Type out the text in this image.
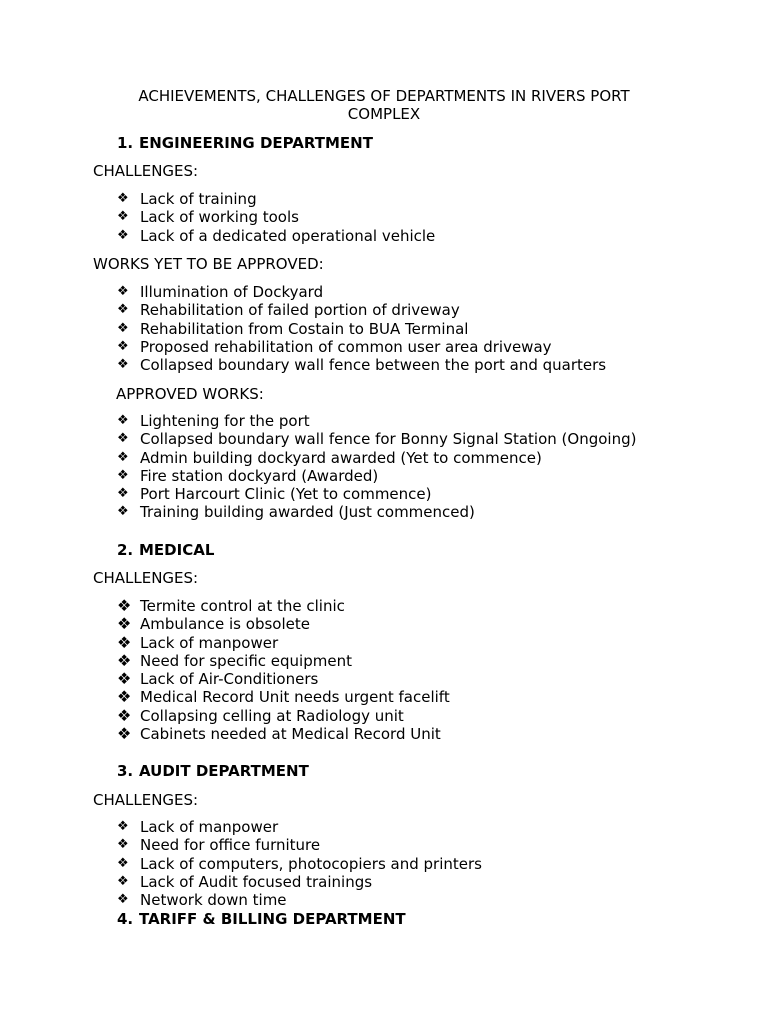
ACHIEVEMENTS, CHALLENGES OF DEPARTMENTS IN RIVERS PORT COMPLEX
1. ENGINEERING DEPARTMENT
CHALLENGES:
❖ Lack of training
❖ Lack of working tools
❖ Lack of a dedicated operational vehicle
WORKS YET TO BE APPROVED:
❖ Illumination of Dockyard
❖ Rehabilitation of failed portion of driveway
❖ Rehabilitation from Costain to BUA Terminal
❖ Proposed rehabilitation of common user area driveway
❖ Collapsed boundary wall fence between the port and quarters
APPROVED WORKS:
❖ Lightening for the port
❖ Collapsed boundary wall fence for Bonny Signal Station (Ongoing)
❖ Admin building dockyard awarded (Yet to commence)
❖ Fire station dockyard (Awarded)
❖ Port Harcourt Clinic (Yet to commence)
❖ Training building awarded (Just commenced)
2. MEDICAL
CHALLENGES:
❖ Termite control at the clinic
❖ Ambulance is obsolete
❖ Lack of manpower
❖ Need for specific equipment
❖ Lack of Air-Conditioners
❖ Medical Record Unit needs urgent facelift
❖ Collapsing celling at Radiology unit
❖ Cabinets needed at Medical Record Unit
3. AUDIT DEPARTMENT
CHALLENGES:
❖ Lack of manpower
❖ Need for office furniture
❖ Lack of computers, photocopiers and printers
❖ Lack of Audit focused trainings
❖ Network down time
4. TARIFF & BILLING DEPARTMENT
